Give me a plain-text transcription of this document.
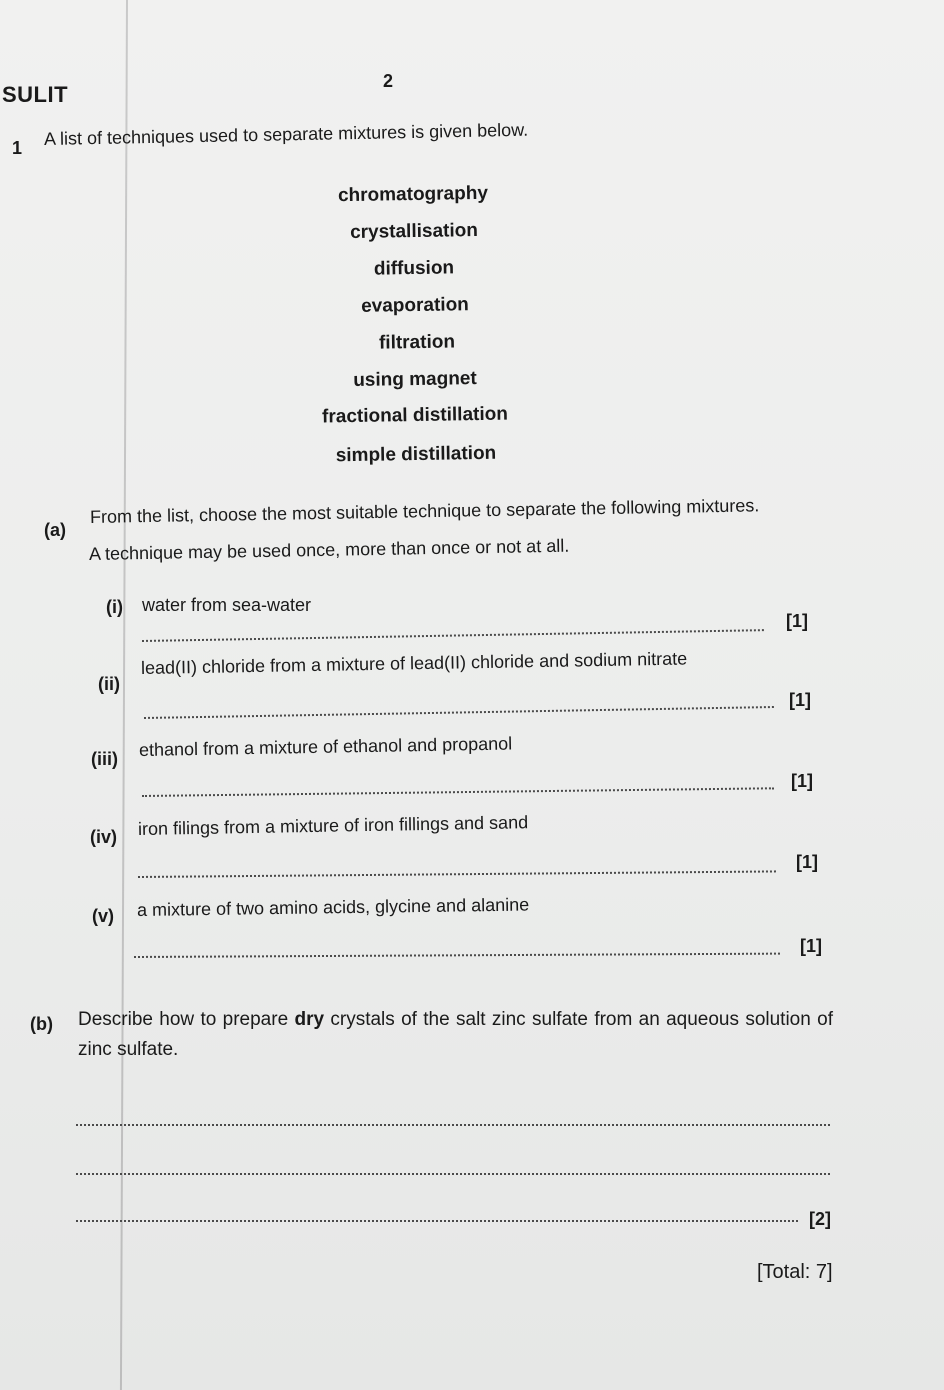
SULIT
2
1 A list of techniques used to separate mixtures is given below.
chromatography
crystallisation
diffusion
evaporation
filtration
using magnet
fractional distillation
simple distillation
(a)
From the list, choose the most suitable technique to separate the following mixtures.
A technique may be used once, more than once or not at all.
(i) water from sea-water
[1]
(ii)
lead(II) chloride from a mixture of lead(II) chloride and sodium nitrate
[1]
(iii) ethanol from a mixture of ethanol and propanol
[1]
(iv) iron filings from a mixture of iron fillings and sand
[1]
(v) a mixture of two amino acids, glycine and alanine
[1]
(b) Describe how to prepare dry crystals of the salt zinc sulfate from an aqueous solution of zinc sulfate.
[2]
[Total: 7]
